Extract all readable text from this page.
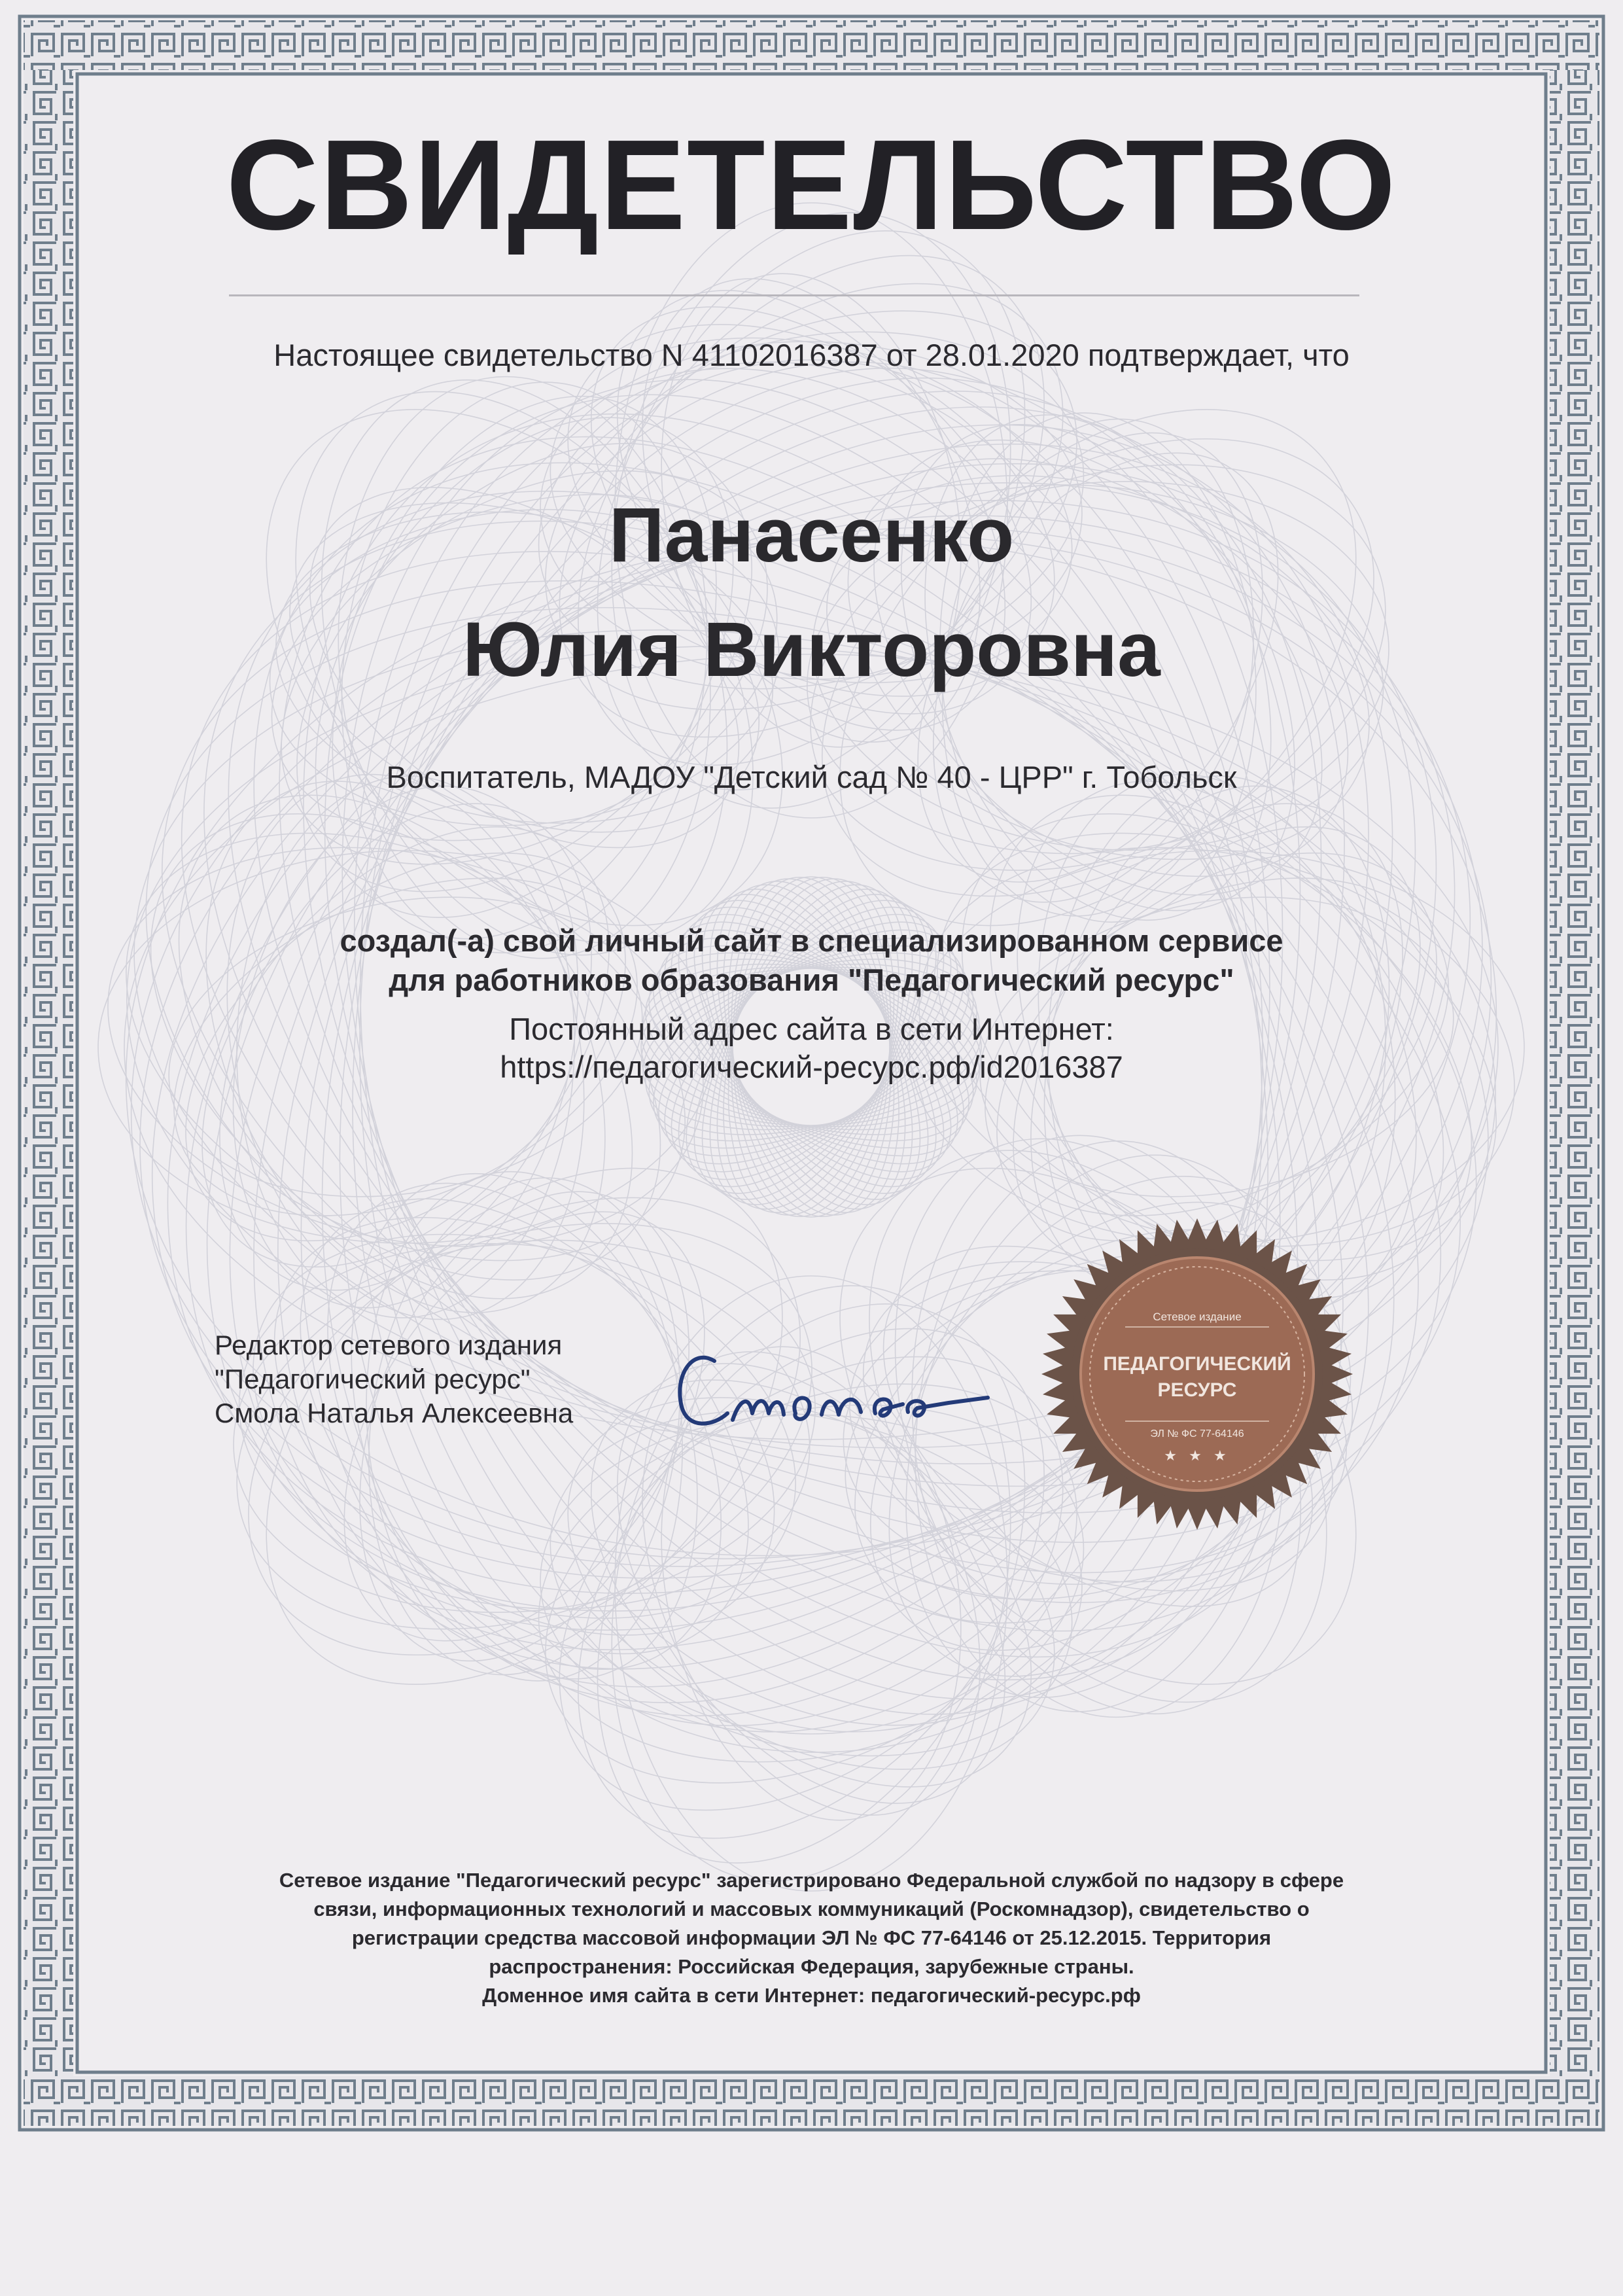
СВИДЕТЕЛЬСТВО
Настоящее свидетельство N 41102016387 от 28.01.2020 подтверждает, что
Панасенко
Юлия Викторовна
Воспитатель, МАДОУ "Детский сад № 40 - ЦРР" г. Тобольск
создал(-а) свой личный сайт в специализированном сервисе
для работников образования "Педагогический ресурс"
Постоянный адрес сайта в сети Интернет:
https://педагогический-ресурс.рф/id2016387
Редактор сетевого издания
"Педагогический ресурс"
Смола Наталья Алексеевна
Сетевое издание
ПЕДАГОГИЧЕСКИЙ
РЕСУРС
ЭЛ № ФС 77-64146
★ ★ ★
Сетевое издание "Педагогический ресурс" зарегистрировано Федеральной службой по надзору в сфере
связи, информационных технологий и массовых коммуникаций (Роскомнадзор), свидетельство о
регистрации средства массовой информации ЭЛ № ФС 77-64146 от 25.12.2015. Территория
распространения: Российская Федерация, зарубежные страны.
Доменное имя сайта в сети Интернет: педагогический-ресурс.рф
